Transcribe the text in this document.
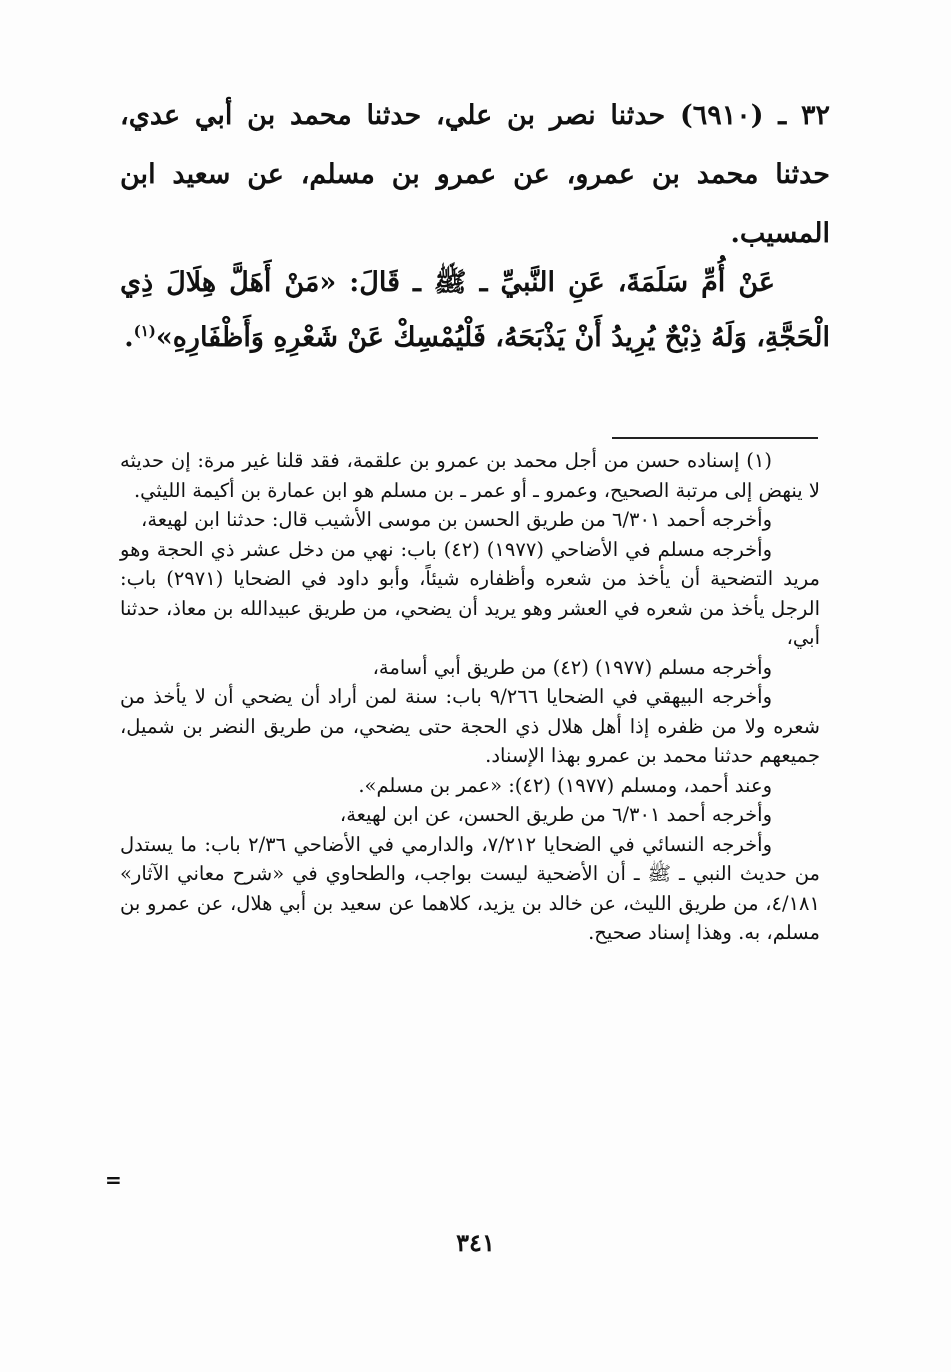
٣٢ ـ (٦٩١٠) حدثنا نصر بن علي، حدثنا محمد بن أبي عدي، حدثنا محمد بن عمرو، عن عمرو بن مسلم، عن سعيد ابن المسيب.

عَنْ أُمِّ سَلَمَةَ، عَنِ النَّبيِّ ـ ﷺ ـ قَالَ: «مَنْ أَهَلَّ هِلَالَ ذِي الْحَجَّةِ، وَلَهُ ذِبْحٌ يُرِيدُ أَنْ يَذْبَحَهُ، فَلْيُمْسِكْ عَنْ شَعْرِهِ وَأَظْفَارِهِ»$^{(١)}$.

(١) إسناده حسن من أجل محمد بن عمرو بن علقمة، فقد قلنا غير مرة: إن حديثه لا ينهض إلى مرتبة الصحيح، وعمرو ـ أو عمر ـ بن مسلم هو ابن عمارة بن أكيمة الليثي.

وأخرجه أحمد ٦/٣٠١ من طريق الحسن بن موسى الأشيب قال: حدثنا ابن لهيعة،

وأخرجه مسلم في الأضاحي (١٩٧٧) (٤٢) باب: نهي من دخل عشر ذي الحجة وهو مريد التضحية أن يأخذ من شعره وأظفاره شيئاً، وأبو داود في الضحايا (٢٩٧١) باب: الرجل يأخذ من شعره في العشر وهو يريد أن يضحي، من طريق عبيدالله بن معاذ، حدثنا أبي،

وأخرجه مسلم (١٩٧٧) (٤٢) من طريق أبي أسامة،

وأخرجه البيهقي في الضحايا ٩/٢٦٦ باب: سنة لمن أراد أن يضحي أن لا يأخذ من شعره ولا من ظفره إذا أهل هلال ذي الحجة حتى يضحي، من طريق النضر بن شميل، جميعهم حدثنا محمد بن عمرو بهذا الإسناد.

وعند أحمد، ومسلم (١٩٧٧) (٤٢): «عمر بن مسلم».

وأخرجه أحمد ٦/٣٠١ من طريق الحسن، عن ابن لهيعة،

وأخرجه النسائي في الضحايا ٧/٢١٢، والدارمي في الأضاحي ٢/٣٦ باب: ما يستدل من حديث النبي ـ ﷺ ـ أن الأضحية ليست بواجب، والطحاوي في «شرح معاني الآثار» ٤/١٨١، من طريق الليث، عن خالد بن يزيد، كلاهما عن سعيد بن أبي هلال، عن عمرو بن مسلم، به. وهذا إسناد صحيح.

=
٣٤١
